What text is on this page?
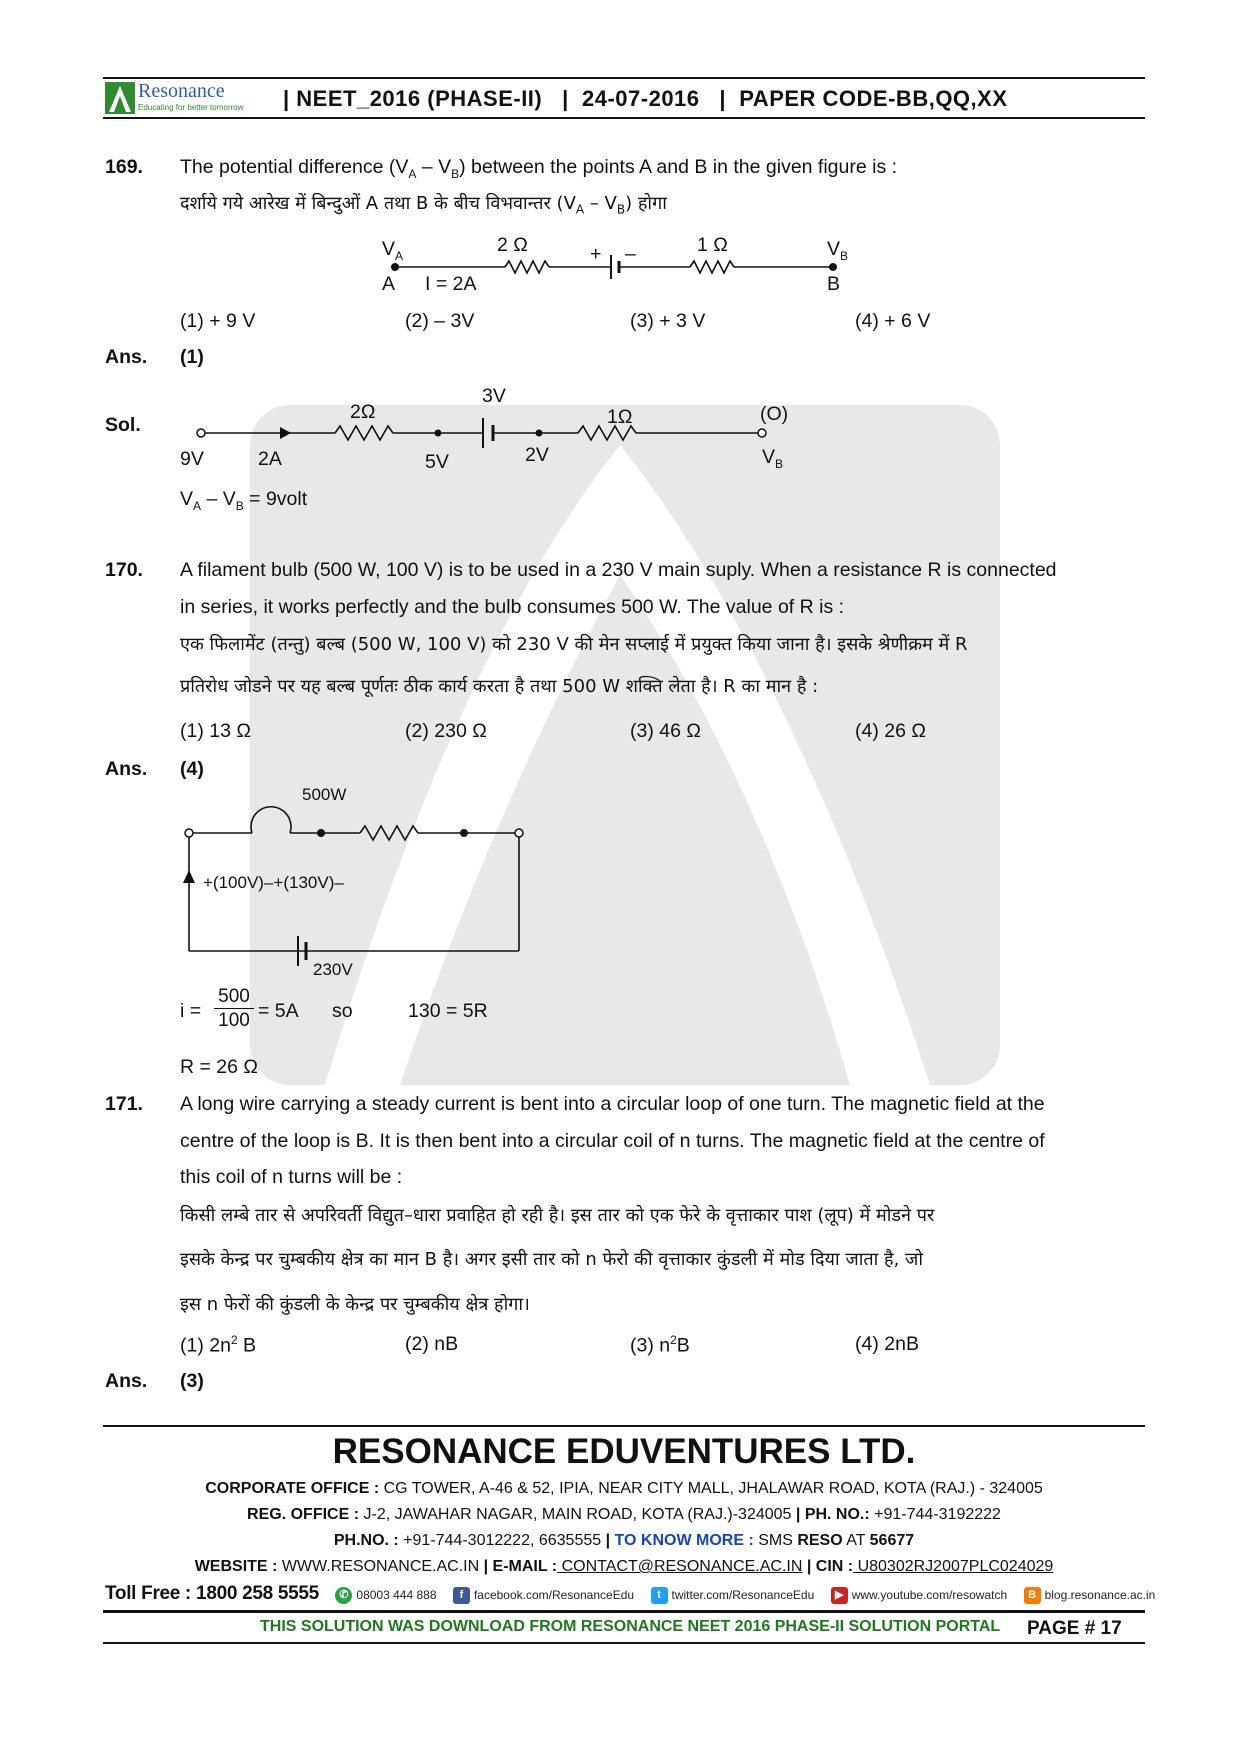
Resonance
Educating for better tomorrow | NEET_2016 (PHASE-II)   |  24-07-2016   |  PAPER CODE-BB,QQ,XX
169. The potential difference $(V_A - V_B)$ between the points A and B in the given figure is :
दर्शाये गये आरेख में बिन्दुओं A तथा B के बीच विभवान्तर $(V_A - V_B)$ होगा
$V_A$
A I = 2A
2 Ω	+ –	1 Ω	$V_B$
B
(1) + 9 V	(2) – 3V	(3) + 3 V	(4) + 6 V
Ans. (1)
Sol.
9V	2A
2Ω
5V
3V
2V
1Ω	(O)
$V_B$
$V_A - V_B$ = 9volt
170. A filament bulb (500 W, 100 V) is to be used in a 230 V main suply. When a resistance R is connected
in series, it works perfectly and the bulb consumes 500 W. The value of R is :
एक फिलामेंट (तन्तु) बल्ब (500 W, 100 V) को 230 V की मेन सप्लाई में प्रयुक्त किया जाना है। इसके श्रेणीक्रम में R
प्रतिरोध जोडने पर यह बल्ब पूर्णतः ठीक कार्य करता है तथा 500 W शक्ति लेता है। R का मान है :
(1) 13 Ω	(2) 230 Ω	(3) 46 Ω	(4) 26 Ω
Ans. (4)
500W
+(100V)–+(130V)–
230V
i =
500
100 = 5A so	130 = 5R
R = 26 Ω
171. A long wire carrying a steady current is bent into a circular loop of one turn. The magnetic field at the
centre of the loop is B. It is then bent into a circular coil of n turns. The magnetic field at the centre of
this coil of n turns will be :
किसी लम्बे तार से अपरिवर्ती विद्युत–धारा प्रवाहित हो रही है। इस तार को एक फेरे के वृत्ताकार पाश (लूप) में मोडने पर
इसके केन्द्र पर चुम्बकीय क्षेत्र का मान B है। अगर इसी तार को n फेरो की वृत्ताकार कुंडली में मोड दिया जाता है, जो
इस n फेरों की कुंडली के केन्द्र पर चुम्बकीय क्षेत्र होगा।
(1) $2n^2$ B	(2) nB	(3) $n^2B$	(4) 2nB
Ans. (3)
RESONANCE EDUVENTURES LTD.
CORPORATE OFFICE : CG TOWER, A-46 & 52, IPIA, NEAR CITY MALL, JHALAWAR ROAD, KOTA (RAJ.) - 324005
REG. OFFICE : J-2, JAWAHAR NAGAR, MAIN ROAD, KOTA (RAJ.)-324005 | PH. NO.: +91-744-3192222
PH.NO. : +91-744-3012222, 6635555 | TO KNOW MORE : SMS RESO AT 56677
WEBSITE : WWW.RESONANCE.AC.IN | E-MAIL : CONTACT@RESONANCE.AC.IN | CIN : U80302RJ2007PLC024029
Toll Free : 1800 258 5555 ✆ 08003 444 888 f facebook.com/ResonanceEdu t twitter.com/ResonanceEdu ▶ www.youtube.com/resowatch B blog.resonance.ac.in
THIS SOLUTION WAS DOWNLOAD FROM RESONANCE NEET 2016 PHASE-II SOLUTION PORTAL PAGE # 17
